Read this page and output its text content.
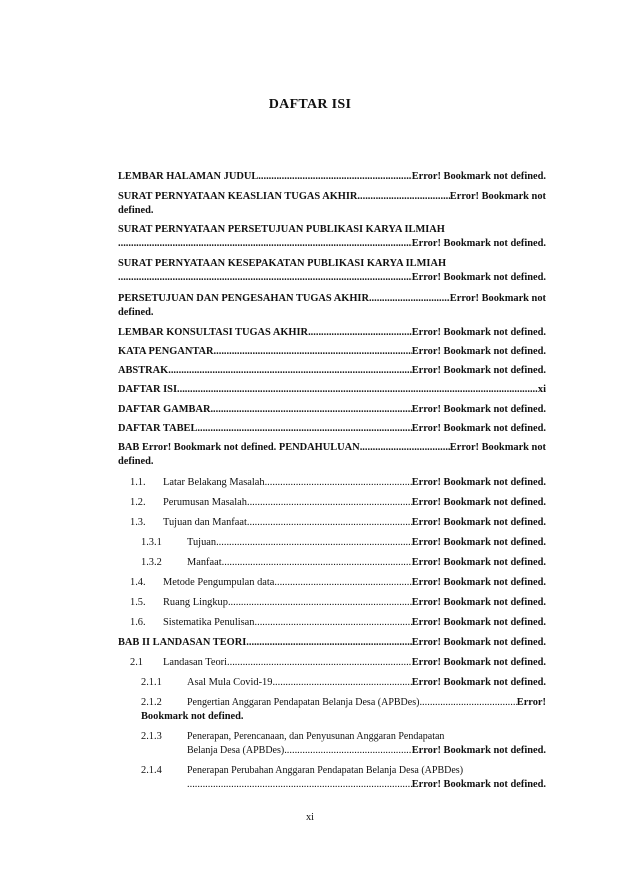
DAFTAR ISI
LEMBAR HALAMAN JUDUL . . .	Error! Bookmark not defined.
SURAT PERNYATAAN KEASLIAN TUGAS AKHIR . . .	Error! Bookmark not
defined.
SURAT PERNYATAAN PERSETUJUAN PUBLIKASI KARYA ILMIAH
. . .
Error! Bookmark not defined.
SURAT PERNYATAAN KESEPAKATAN PUBLIKASI KARYA ILMIAH
. . .
Error! Bookmark not defined.
PERSETUJUAN DAN PENGESAHAN TUGAS AKHIR . . .	Error! Bookmark not
defined.
LEMBAR KONSULTASI TUGAS AKHIR . . .	Error! Bookmark not defined.
KATA PENGANTAR . . .	Error! Bookmark not defined.
ABSTRAK . . .	Error! Bookmark not defined.
DAFTAR ISI . . .	xi
DAFTAR GAMBAR . . .	Error! Bookmark not defined.
DAFTAR TABEL . . .	Error! Bookmark not defined.
BAB Error! Bookmark not defined. PENDAHULUAN . . .	Error! Bookmark not
defined.
1.1.	Latar Belakang Masalah . . .	Error! Bookmark not defined.
1.2.	Perumusan Masalah . . .	Error! Bookmark not defined.
1.3.	Tujuan dan Manfaat . . .	Error! Bookmark not defined.
1.3.1	Tujuan . . .	Error! Bookmark not defined.
1.3.2	Manfaat . . .	Error! Bookmark not defined.
1.4.	Metode Pengumpulan data . . .	Error! Bookmark not defined.
1.5.	Ruang Lingkup . . .	Error! Bookmark not defined.
1.6.	Sistematika Penulisan . . .	Error! Bookmark not defined.
BAB II LANDASAN TEORI . . .	Error! Bookmark not defined.
2.1	Landasan Teori . . .	Error! Bookmark not defined.
2.1.1	Asal Mula Covid-19 . . .	Error! Bookmark not defined.
2.1.2	Pengertian Anggaran Pendapatan Belanja Desa (APBDes) . . .	Error!
Bookmark not defined.
2.1.3	Penerapan, Perencanaan, dan Penyusunan Anggaran Pendapatan
Belanja Desa (APBDes) . . .	Error! Bookmark not defined.
2.1.4	Penerapan Perubahan Anggaran Pendapatan Belanja Desa (APBDes)
. . .
Error! Bookmark not defined.
xi
